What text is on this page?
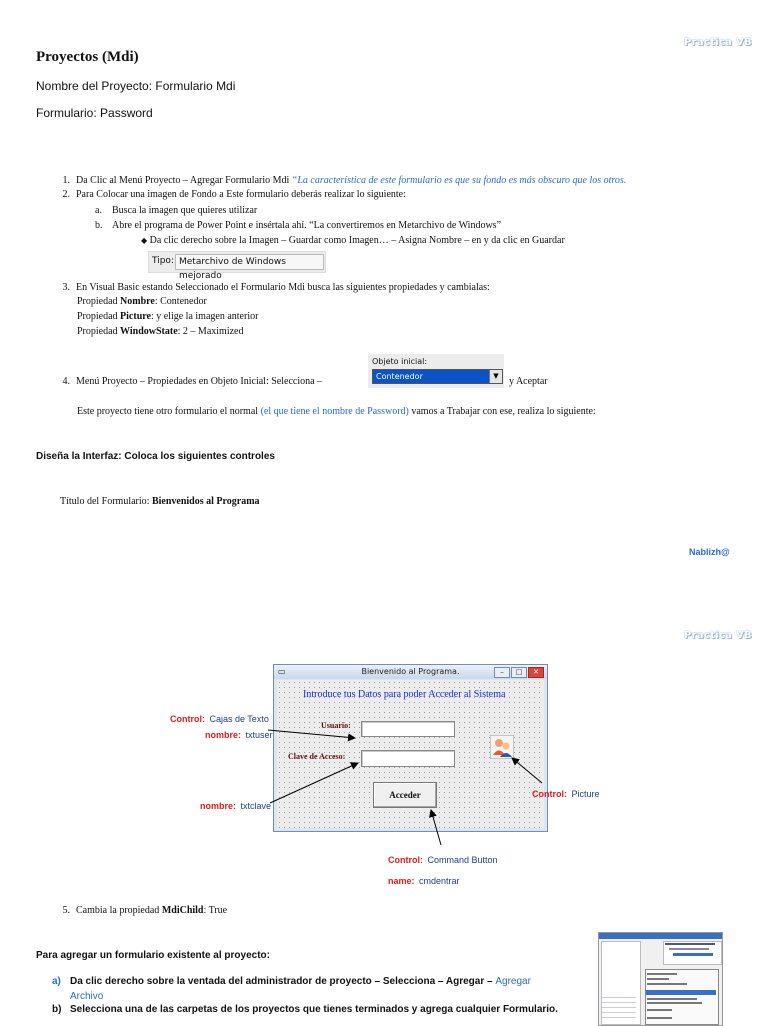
Practica VB
Proyectos (Mdi)
Nombre del Proyecto: Formulario Mdi
Formulario: Password
1. Da Clic al Menú Proyecto – Agregar Formulario Mdi “La característica de este formulario es que su fondo es más obscuro que los otros.
2. Para Colocar una imagen de Fondo a Este formulario deberás realizar lo siguiente:
a. Busca la imagen que quieres utilizar
b. Abre el programa de Power Point e insértala ahí. “La convertiremos en Metarchivo de Windows”
◆ Da clic derecho sobre la Imagen – Guardar como Imagen… – Asigna Nombre – en y da clic en Guardar
Tipo: Metarchivo de Windows mejorado
3. En Visual Basic estando Seleccionado el Formulario Mdi busca las siguientes propiedades y cambialas:
Propiedad Nombre: Contenedor
Propiedad Picture: y elige la imagen anterior
Propiedad WindowState: 2 – Maximized
4. Menú Proyecto – Propiedades en Objeto Inicial: Selecciona –
Objeto inicial:
Contenedor	▼	y Aceptar
Este proyecto tiene otro formulario el normal (el que tiene el nombre de Password) vamos a Trabajar con ese, realiza lo siguiente:
Diseña la Interfaz: Coloca los siguientes controles
Título del Formulario: Bienvenidos al Programa
Nablizh@
Practica VB
▭	Bienvenido al Programa.	–	□	✕
Introduce tus Datos para poder Acceder al Sistema
Usuario:
Clave de Acceso:
Acceder
Control: Cajas de Texto
nombre: txtuser
nombre: txtclave
Control: Picture
Control: Command Button
name: cmdentrar
5. Cambia la propiedad MdiChild: True
Para agregar un formulario existente al proyecto:
a) Da clic derecho sobre la ventada del administrador de proyecto – Selecciona – Agregar – Agregar
Archivo
b) Selecciona una de las carpetas de los proyectos que tienes terminados y agrega cualquier Formulario.
